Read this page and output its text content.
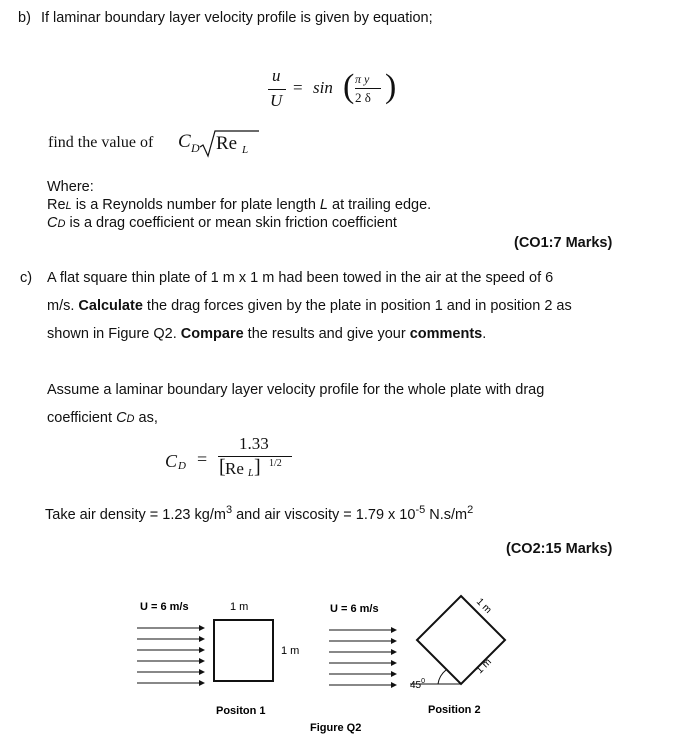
b) If laminar boundary layer velocity profile is given by equation;
u
U
= sin ( π y
2 δ )
find the value of C D Re L
Where:
ReL is a Reynolds number for plate length L at trailing edge.
CD is a drag coefficient or mean skin friction coefficient
(CO1:7 Marks)
c) A flat square thin plate of 1 m x 1 m had been towed in the air at the speed of 6
m/s. Calculate the drag forces given by the plate in position 1 and in position 2 as
shown in Figure Q2. Compare the results and give your comments.
Assume a laminar boundary layer velocity profile for the whole plate with drag
coefficient CD as,
C D =
1.33
[ Re L ] 1/2
Take air density = 1.23 $kg/m^3$ and air viscosity = 1.79 x $10^{-5}$ $N.s/m^2$
(CO2:15 Marks)
U = 6 m/s	1 m
1 m
Positon 1
U = 6 m/s	1 m
1 m
$45^0$
Position 2
Figure Q2
